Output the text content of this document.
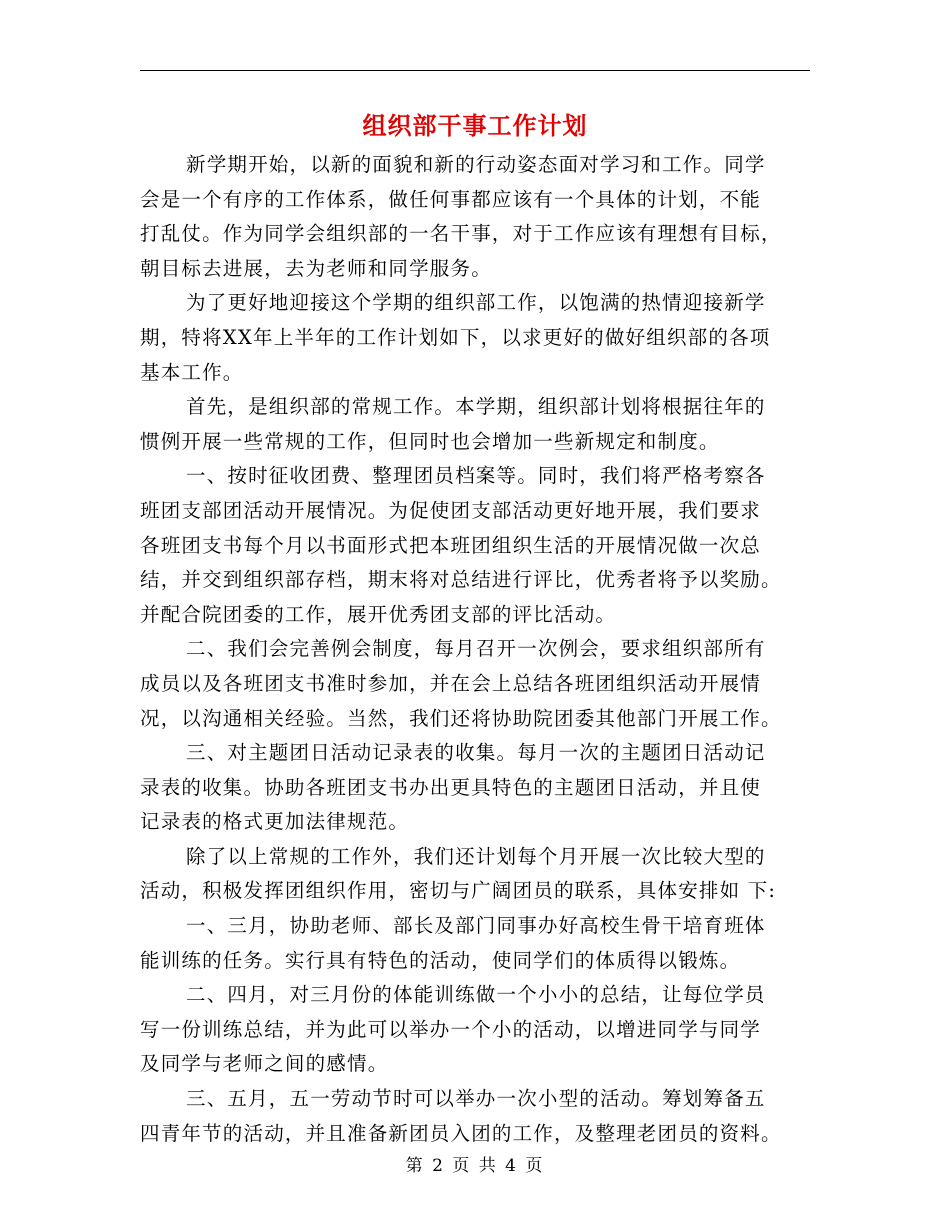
组织部干事工作计划
新学期开始，以新的面貌和新的行动姿态面对学习和工作。同学
会是一个有序的工作体系，做任何事都应该有一个具体的计划，不能
打乱仗。作为同学会组织部的一名干事，对于工作应该有理想有目标，
朝目标去进展，去为老师和同学服务。
为了更好地迎接这个学期的组织部工作，以饱满的热情迎接新学
期，特将XX年上半年的工作计划如下，以求更好的做好组织部的各项
基本工作。
首先，是组织部的常规工作。本学期，组织部计划将根据往年的
惯例开展一些常规的工作，但同时也会增加一些新规定和制度。
一、按时征收团费、整理团员档案等。同时，我们将严格考察各
班团支部团活动开展情况。为促使团支部活动更好地开展，我们要求
各班团支书每个月以书面形式把本班团组织生活的开展情况做一次总
结，并交到组织部存档，期末将对总结进行评比，优秀者将予以奖励。
并配合院团委的工作，展开优秀团支部的评比活动。
二、我们会完善例会制度，每月召开一次例会，要求组织部所有
成员以及各班团支书准时参加，并在会上总结各班团组织活动开展情
况，以沟通相关经验。当然，我们还将协助院团委其他部门开展工作。
三、对主题团日活动记录表的收集。每月一次的主题团日活动记
录表的收集。协助各班团支书办出更具特色的主题团日活动，并且使
记录表的格式更加法律规范。
除了以上常规的工作外，我们还计划每个月开展一次比较大型的
活动，积极发挥团组织作用，密切与广阔团员的联系，具体安排如 下:
一、三月，协助老师、部长及部门同事办好高校生骨干培育班体
能训练的任务。实行具有特色的活动，使同学们的体质得以锻炼。
二、四月，对三月份的体能训练做一个小小的总结，让每位学员
写一份训练总结，并为此可以举办一个小的活动，以增进同学与同学
及同学与老师之间的感情。
三、五月，五一劳动节时可以举办一次小型的活动。筹划筹备五
四青年节的活动，并且准备新团员入团的工作，及整理老团员的资料。
第 2 页 共 4 页
